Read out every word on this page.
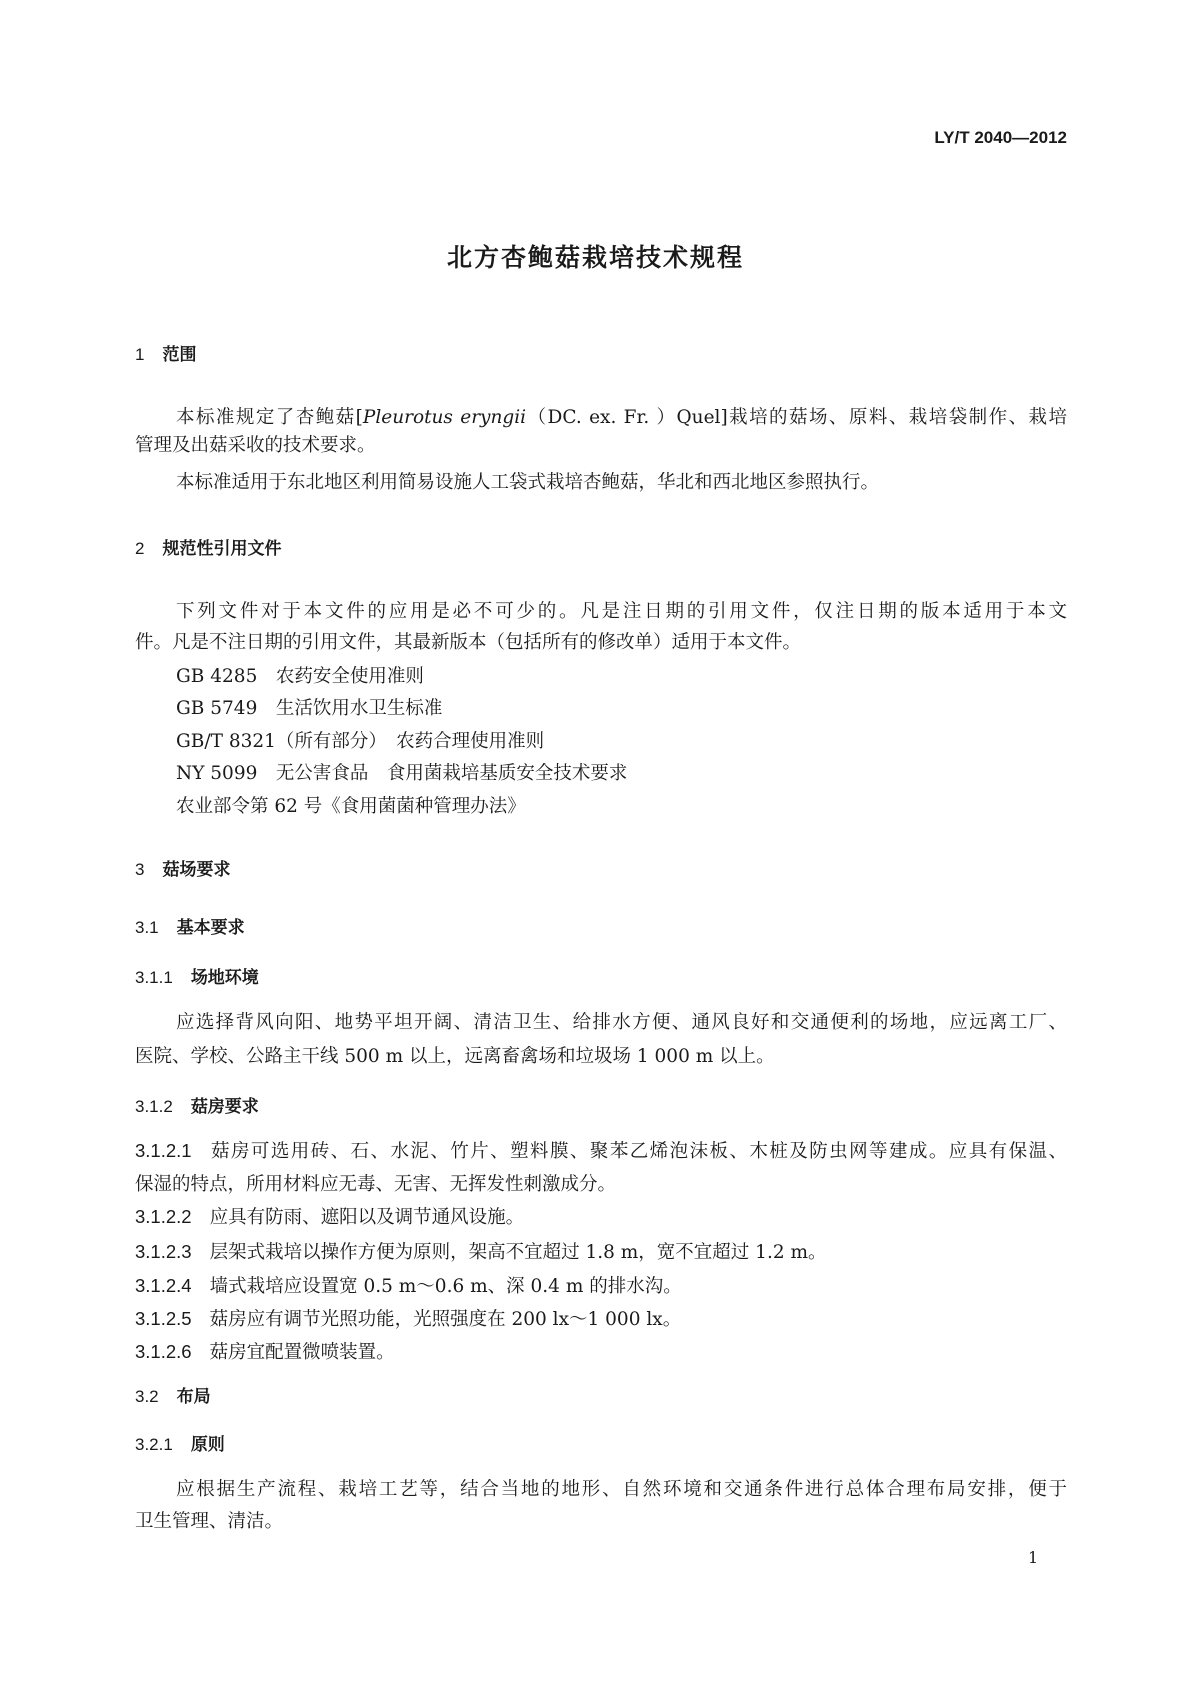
LY/T 2040—2012
北方杏鲍菇栽培技术规程
1 范围
本标准规定了杏鲍菇[Pleurotus eryngii（DC. ex. Fr. ）Quel]栽培的菇场、原料、栽培袋制作、栽培
管理及出菇采收的技术要求。
本标准适用于东北地区利用简易设施人工袋式栽培杏鲍菇，华北和西北地区参照执行。
2 规范性引用文件
下列文件对于本文件的应用是必不可少的。凡是注日期的引用文件，仅注日期的版本适用于本文
件。凡是不注日期的引用文件，其最新版本（包括所有的修改单）适用于本文件。
GB 4285　农药安全使用准则
GB 5749　生活饮用水卫生标准
GB/T 8321（所有部分）　农药合理使用准则
NY 5099　无公害食品　食用菌栽培基质安全技术要求
农业部令第 62 号《食用菌菌种管理办法》
3 菇场要求
3.1 基本要求
3.1.1 场地环境
应选择背风向阳、地势平坦开阔、清洁卫生、给排水方便、通风良好和交通便利的场地，应远离工厂、
医院、学校、公路主干线 500 m 以上，远离畜禽场和垃圾场 1 000 m 以上。
3.1.2 菇房要求
3.1.2.1 菇房可选用砖、石、水泥、竹片、塑料膜、聚苯乙烯泡沫板、木桩及防虫网等建成。应具有保温、
保湿的特点，所用材料应无毒、无害、无挥发性刺激成分。
3.1.2.2 应具有防雨、遮阳以及调节通风设施。
3.1.2.3 层架式栽培以操作方便为原则，架高不宜超过 1.8 m，宽不宜超过 1.2 m。
3.1.2.4 墙式栽培应设置宽 0.5 m～0.6 m、深 0.4 m 的排水沟。
3.1.2.5 菇房应有调节光照功能，光照强度在 200 lx～1 000 lx。
3.1.2.6 菇房宜配置微喷装置。
3.2 布局
3.2.1 原则
应根据生产流程、栽培工艺等，结合当地的地形、自然环境和交通条件进行总体合理布局安排，便于
卫生管理、清洁。
1
